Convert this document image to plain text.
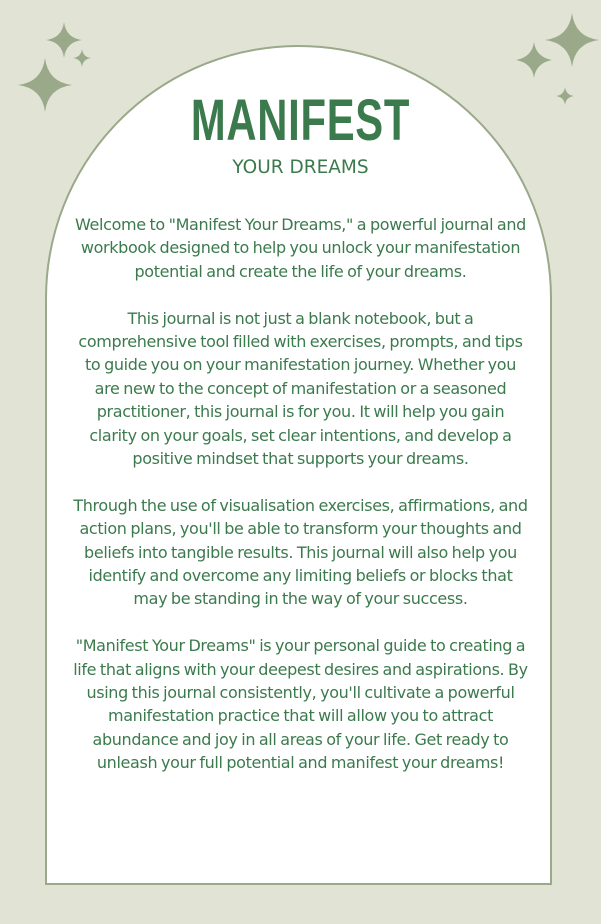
MANIFEST
YOUR DREAMS

Welcome to "Manifest Your Dreams," a powerful journal and workbook designed to help you unlock your manifestation potential and create the life of your dreams.

This journal is not just a blank notebook, but a comprehensive tool filled with exercises, prompts, and tips to guide you on your manifestation journey. Whether you are new to the concept of manifestation or a seasoned practitioner, this journal is for you. It will help you gain clarity on your goals, set clear intentions, and develop a positive mindset that supports your dreams.

Through the use of visualisation exercises, affirmations, and action plans, you'll be able to transform your thoughts and beliefs into tangible results. This journal will also help you identify and overcome any limiting beliefs or blocks that may be standing in the way of your success.

"Manifest Your Dreams" is your personal guide to creating a life that aligns with your deepest desires and aspirations. By using this journal consistently, you'll cultivate a powerful manifestation practice that will allow you to attract abundance and joy in all areas of your life. Get ready to unleash your full potential and manifest your dreams!
